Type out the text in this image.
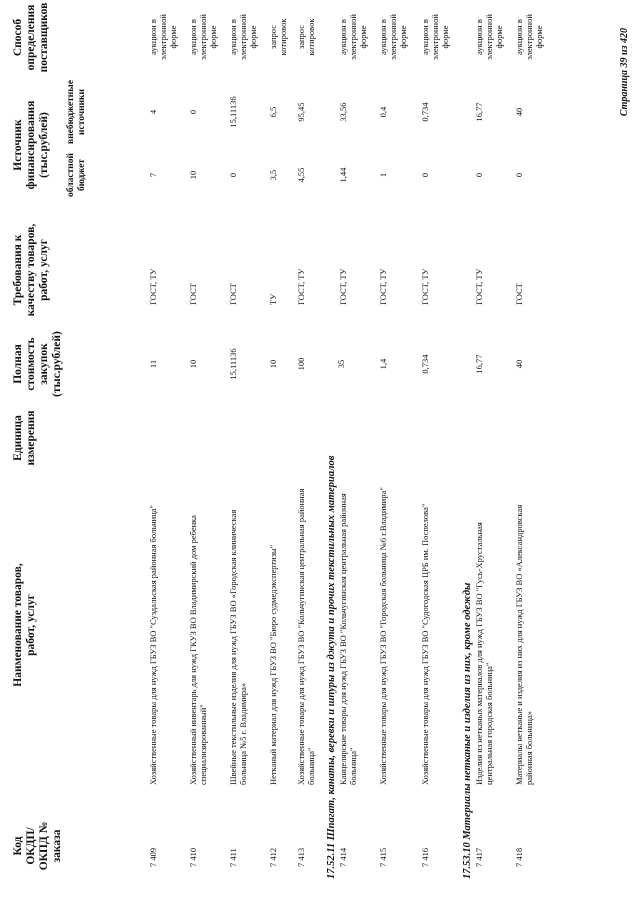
Код ОКДП/ ОКПД № заказа
Наименование товаров, работ, услуг
Единица измерения
Полная стоимость закупок (тыс.рублей)
Требования к качеству товаров, работ, услуг
Источник финансирования (тыс.рублей) областной бюджет
внебюджетные источники
Способ определения поставщиков
7 409
Хозяйственные товары для нужд ГБУЗ ВО "Суздальская районная больница"
11
ГОСТ, ТУ
7
4
аукцион в электронной форме
7 410
Хозяйственный инвентарь для нужд ГКУЗ ВО Владимирский дом ребенка специализированный"
10
ГОСТ
10
0
аукцион в электронной форме
7 411
Швейные текстильные изделия для нужд ГБУЗ ВО «Городская клиническая больница №5 г. Владимира»
15,11136
ГОСТ
0
15,11136
аукцион в электронной форме
7 412
Нетканый материал для нужд ГБУЗ ВО "Бюро судмедэкспертизы"
10
ТУ
3,5
6,5
запрос котировок
7 413
Хозяйственные товары для нужд ГБУЗ ВО "Кольчугинская центральная районная больница"
100
ГОСТ, ТУ
4,55
95,45
запрос котировок
17.52.11 Шпагат, канаты, веревки и шпуры из джута и прочих текстильных материалов
7 414
Канцелярские товары для нужд ГБУЗ ВО "Кольчугинская центральная районная больница"
35
ГОСТ, ТУ
1,44
33,56
аукцион в электронной форме
7 415
Хозяйственные товары для нужд ГБУЗ ВО "Городская больница №6 г.Владимира"
1,4
ГОСТ, ТУ
1
0,4
аукцион в электронной форме
7 416
Хозяйственные товары для нужд ГБУЗ ВО "Судогодская ЦРБ им. Поспелова"
0,734
ГОСТ, ТУ
0
0,734
аукцион в электронной форме
17.53.10 Материалы нетканые и изделия из них, кроме одежды
7 417
Изделия из нетканых материалов для нужд ГБУЗ ВО "Гусь-Хрустальная центральная городская больница"
16,77
ГОСТ, ТУ
0
16,77
аукцион в электронной форме
7 418
Материалы нетканые и изделия из них для нужд ГБУЗ ВО «Александровская районная больница»
40
ГОСТ
0
40
аукцион в электронной форме	Страница 39 из 420
